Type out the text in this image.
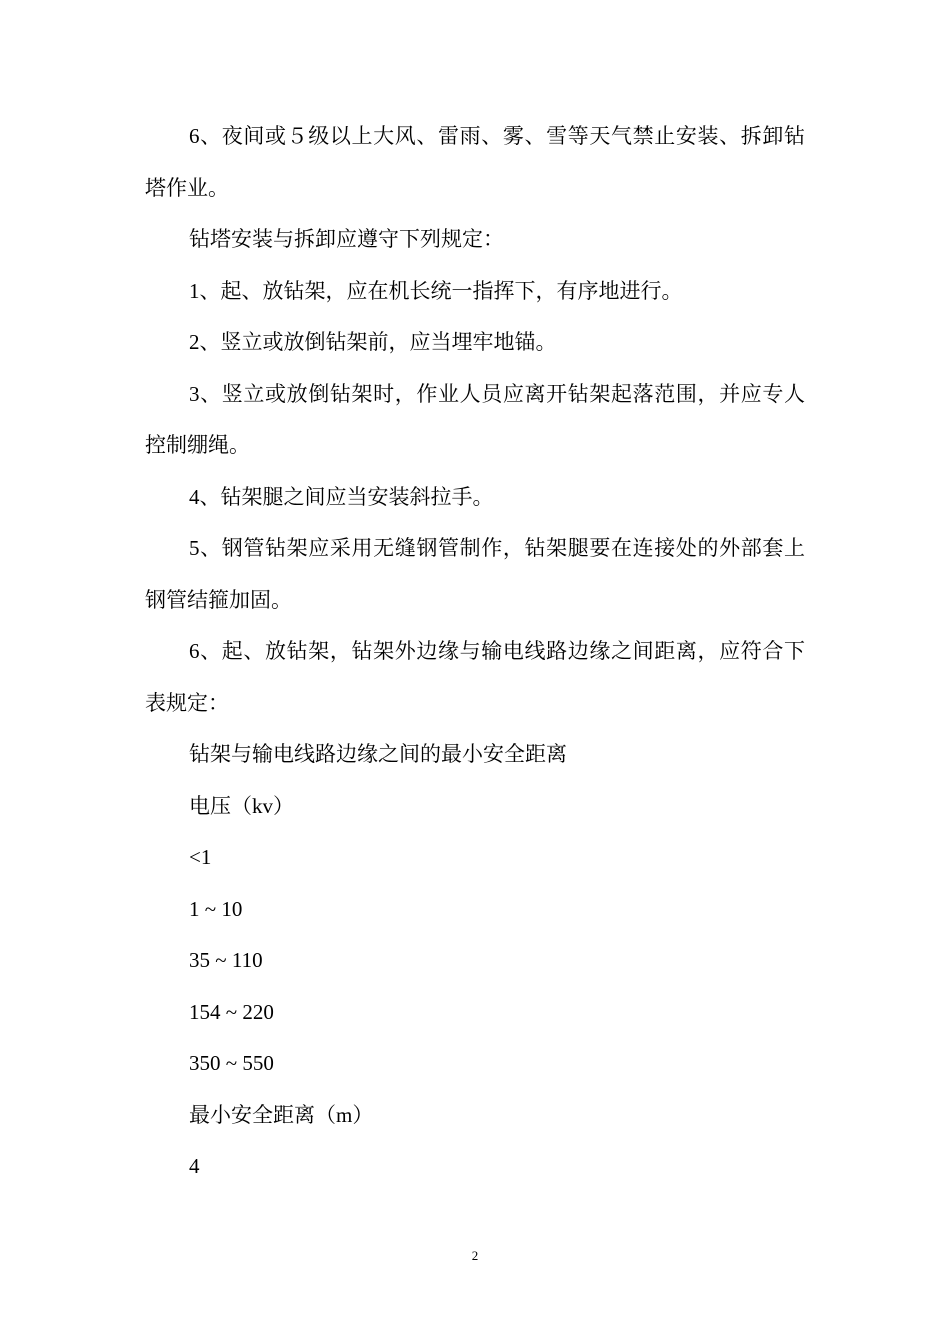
6、夜间或５级以上大风、雷雨、雾、雪等天气禁止安装、拆卸钻塔作业。

钻塔安装与拆卸应遵守下列规定：

1、起、放钻架，应在机长统一指挥下，有序地进行。

2、竖立或放倒钻架前，应当埋牢地锚。

3、竖立或放倒钻架时，作业人员应离开钻架起落范围，并应专人控制绷绳。

4、钻架腿之间应当安装斜拉手。

5、钢管钻架应采用无缝钢管制作，钻架腿要在连接处的外部套上钢管结箍加固。

6、起、放钻架，钻架外边缘与输电线路边缘之间距离，应符合下表规定：

钻架与输电线路边缘之间的最小安全距离

电压（kv）

<1

1 ~ 10

35 ~ 110

154 ~ 220

350 ~ 550

最小安全距离（m）

4

2
